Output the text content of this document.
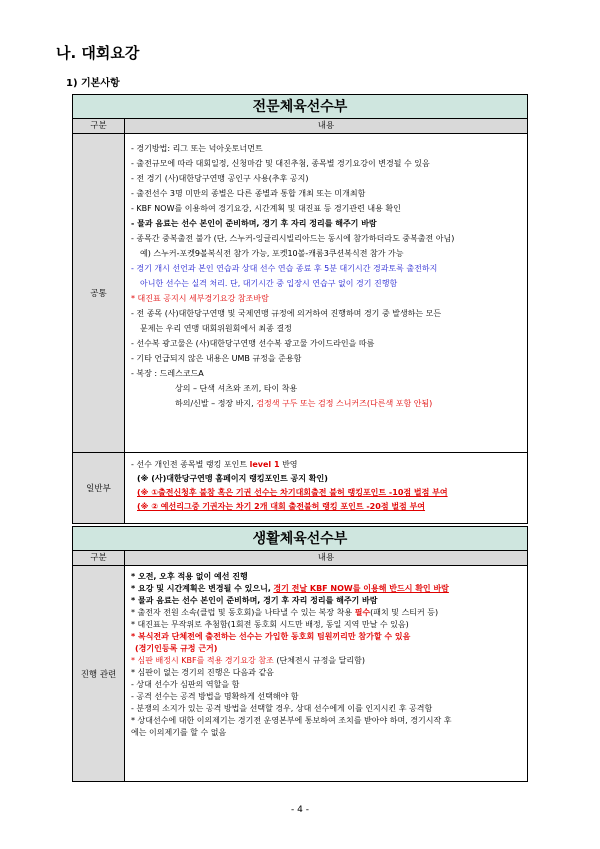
나. 대회요강
1) 기본사항
전문체육선수부
구분	내용
공통
- 경기방법: 리그 또는 넉아웃토너먼트
- 출전규모에 따라 대회일정, 신청마감 및 대진추첨, 종목별 경기요강이 변경될 수 있음
- 전 경기 (사)대한당구연맹 공인구 사용(추후 공지)
- 출전선수 3명 미만의 종별은 다른 종별과 통합 개최 또는 미개최함
- KBF NOW를 이용하여 경기요강, 시간계획 및 대진표 등 경기관련 내용 확인
- 물과 음료는 선수 본인이 준비하며, 경기 후 자리 정리를 해주기 바람
- 종목간 중복출전 불가 (단, 스누커-잉글리시빌리아드는 동시에 참가하더라도 중복출전 아님)
예) 스누커-포켓9볼복식전 참가 가능, 포켓10볼-캐롬3쿠션복식전 참가 가능
- 경기 개시 선언과 본인 연습과 상대 선수 연습 종료 후 5분 대기시간 경과토록 출전하지
아니한 선수는 실격 처리. 단, 대기시간 중 입장시 연습구 없이 경기 진행함
* 대진표 공지시 세부경기요강 참조바람
- 전 종목 (사)대한당구연맹 및 국제연맹 규정에 의거하여 진행하며 경기 중 발생하는 모든
문제는 우리 연맹 대회위원회에서 최종 결정
- 선수복 광고물은 (사)대한당구연맹 선수복 광고물 가이드라인을 따름
- 기타 언급되지 않은 내용은 UMB 규정을 준용함
- 복장 : 드레스코드A
상의 – 단색 셔츠와 조끼, 타이 착용
하의/신발 – 정장 바지, 검정색 구두 또는 검정 스니커즈(다른색 포함 안됨)
일반부
- 선수 개인전 종목별 랭킹 포인트 level 1 반영
(※ (사)대한당구연맹 홈페이지 랭킹포인트 공지 확인)
(※ ①출전신청후 불참 혹은 기권 선수는 차기대회출전 불허 랭킹포인트 -10점 벌점 부여
(※ ② 예선리그중 기권자는 차기 2개 대회 출전불허 랭킹 포인트 -20점 벌점 부여
생활체육선수부
구분	내용
진행 관련
* 오전, 오후 적용 없이 예선 진행
* 요강 및 시간계획은 변경될 수 있으니, 경기 전날 KBF NOW를 이용해 반드시 확인 바람
* 물과 음료는 선수 본인이 준비하며, 경기 후 자리 정리를 해주기 바람
* 출전자 전원 소속(클럽 및 동호회)을 나타낼 수 있는 복장 착용 필수(패치 및 스티커 등)
* 대진표는 무작위로 추첨함(1회전 동호회 시드만 배정, 동일 지역 만날 수 있음)
* 복식전과 단체전에 출전하는 선수는 가입한 동호회 팀원끼리만 참가할 수 있음
(경기인등록 규정 근거)
* 심판 배정시 KBF를 적용 경기요강 참조 (단체전시 규정을 달리함)
* 심판이 없는 경기의 진행은 다음과 같음
- 상대 선수가 심판의 역할을 함
- 공격 선수는 공격 방법을 명확하게 선택해야 함
- 분쟁의 소지가 있는 공격 방법을 선택할 경우, 상대 선수에게 이를 인지시킨 후 공격함
* 상대선수에 대한 이의제기는 경기전 운영본부에 통보하여 조치를 받아야 하며, 경기시작 후
에는 이의제기를 할 수 없음
- 4 -
